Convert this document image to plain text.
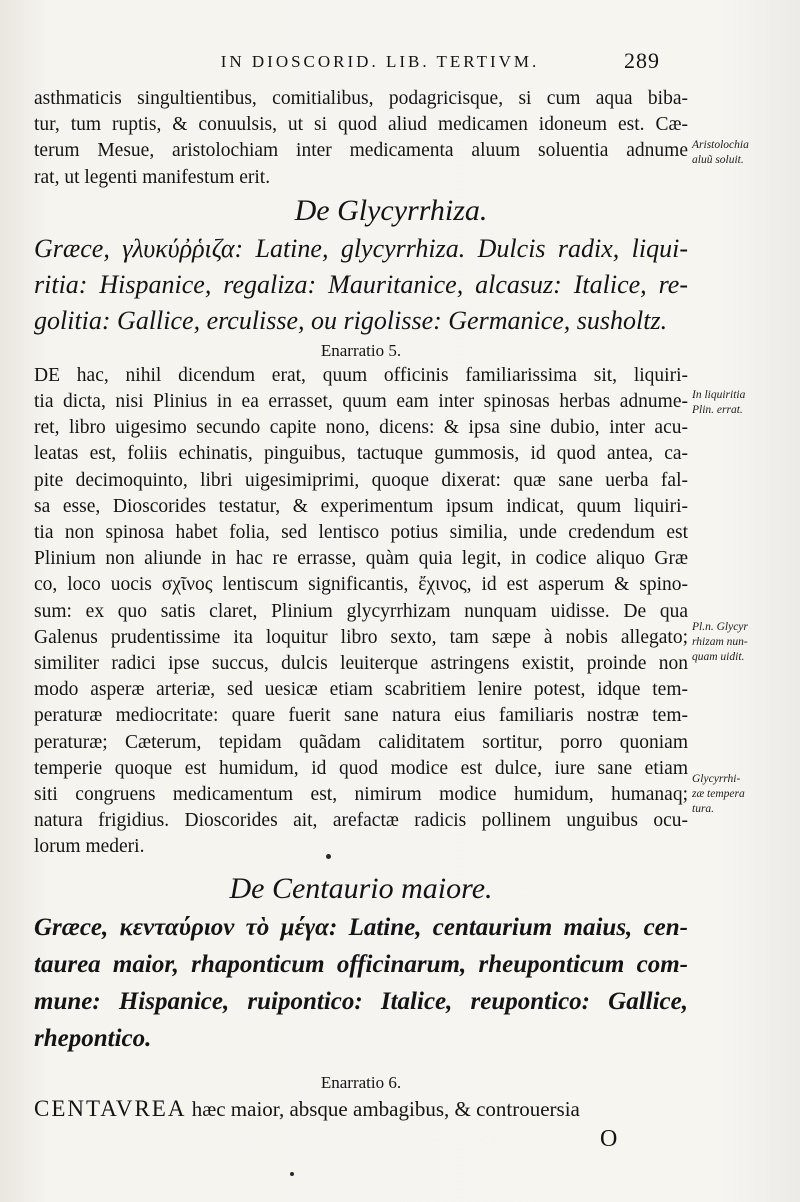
IN DIOSCORID. LIB. TERTIVM.	289
asthmaticis singultientibus, comitialibus, podagricisque, si cum aqua biba-
tur, tum ruptis, & conuulsis, ut si quod aliud medicamen idoneum est. Cæ-
terum Mesue, aristolochiam inter medicamenta aluum soluentia adnume
rat, ut legenti manifestum erit.
De Glycyrrhiza.
Græce, γλυκύῤῥιζα: Latine, glycyrrhiza. Dulcis radix, liqui-
ritia: Hispanice, regaliza: Mauritanice, alcasuz: Italice, re-
golitia: Gallice, erculisse, ou rigolisse: Germanice, susholtz.
Enarratio 5.
DE hac, nihil dicendum erat, quum officinis familiarissima sit, liquiri-
tia dicta, nisi Plinius in ea errasset, quum eam inter spinosas herbas adnume-
ret, libro uigesimo secundo capite nono, dicens: & ipsa sine dubio, inter acu-
leatas est, foliis echinatis, pinguibus, tactuque gummosis, id quod antea, ca-
pite decimoquinto, libri uigesimiprimi, quoque dixerat: quæ sane uerba fal-
sa esse, Dioscorides testatur, & experimentum ipsum indicat, quum liquiri-
tia non spinosa habet folia, sed lentisco potius similia, unde credendum est
Plinium non aliunde in hac re errasse, quàm quia legit, in codice aliquo Græ
co, loco uocis σχῖνος lentiscum significantis, ἔχινος, id est asperum & spino-
sum: ex quo satis claret, Plinium glycyrrhizam nunquam uidisse. De qua
Galenus prudentissime ita loquitur libro sexto, tam sæpe à nobis allegato;
similiter radici ipse succus, dulcis leuiterque astringens existit, proinde non
modo asperæ arteriæ, sed uesicæ etiam scabritiem lenire potest, idque tem-
peraturæ mediocritate: quare fuerit sane natura eius familiaris nostræ tem-
peraturæ; Cæterum, tepidam quãdam caliditatem sortitur, porro quoniam
temperie quoque est humidum, id quod modice est dulce, iure sane etiam
siti congruens medicamentum est, nimirum modice humidum, humanaq;
natura frigidius. Dioscorides ait, arefactæ radicis pollinem unguibus ocu-
lorum mederi.
De Centaurio maiore.
Græce, κενταύριον τὸ μέγα: Latine, centaurium maius, cen-
taurea maior, rhaponticum officinarum, rheuponticum com-
mune: Hispanice, ruipontico: Italice, reupontico: Gallice,
rhepontico.
Enarratio 6.
CENTAVREA hæc maior, absque ambagibus, & controuersia
O
Aristolochia
aluũ soluit.
In liquiritia
Plin. errat.
Pl.n. Glycyr
rhizam nun-
quam uidit.
Glycyrrhi-
zæ tempera
tura.
